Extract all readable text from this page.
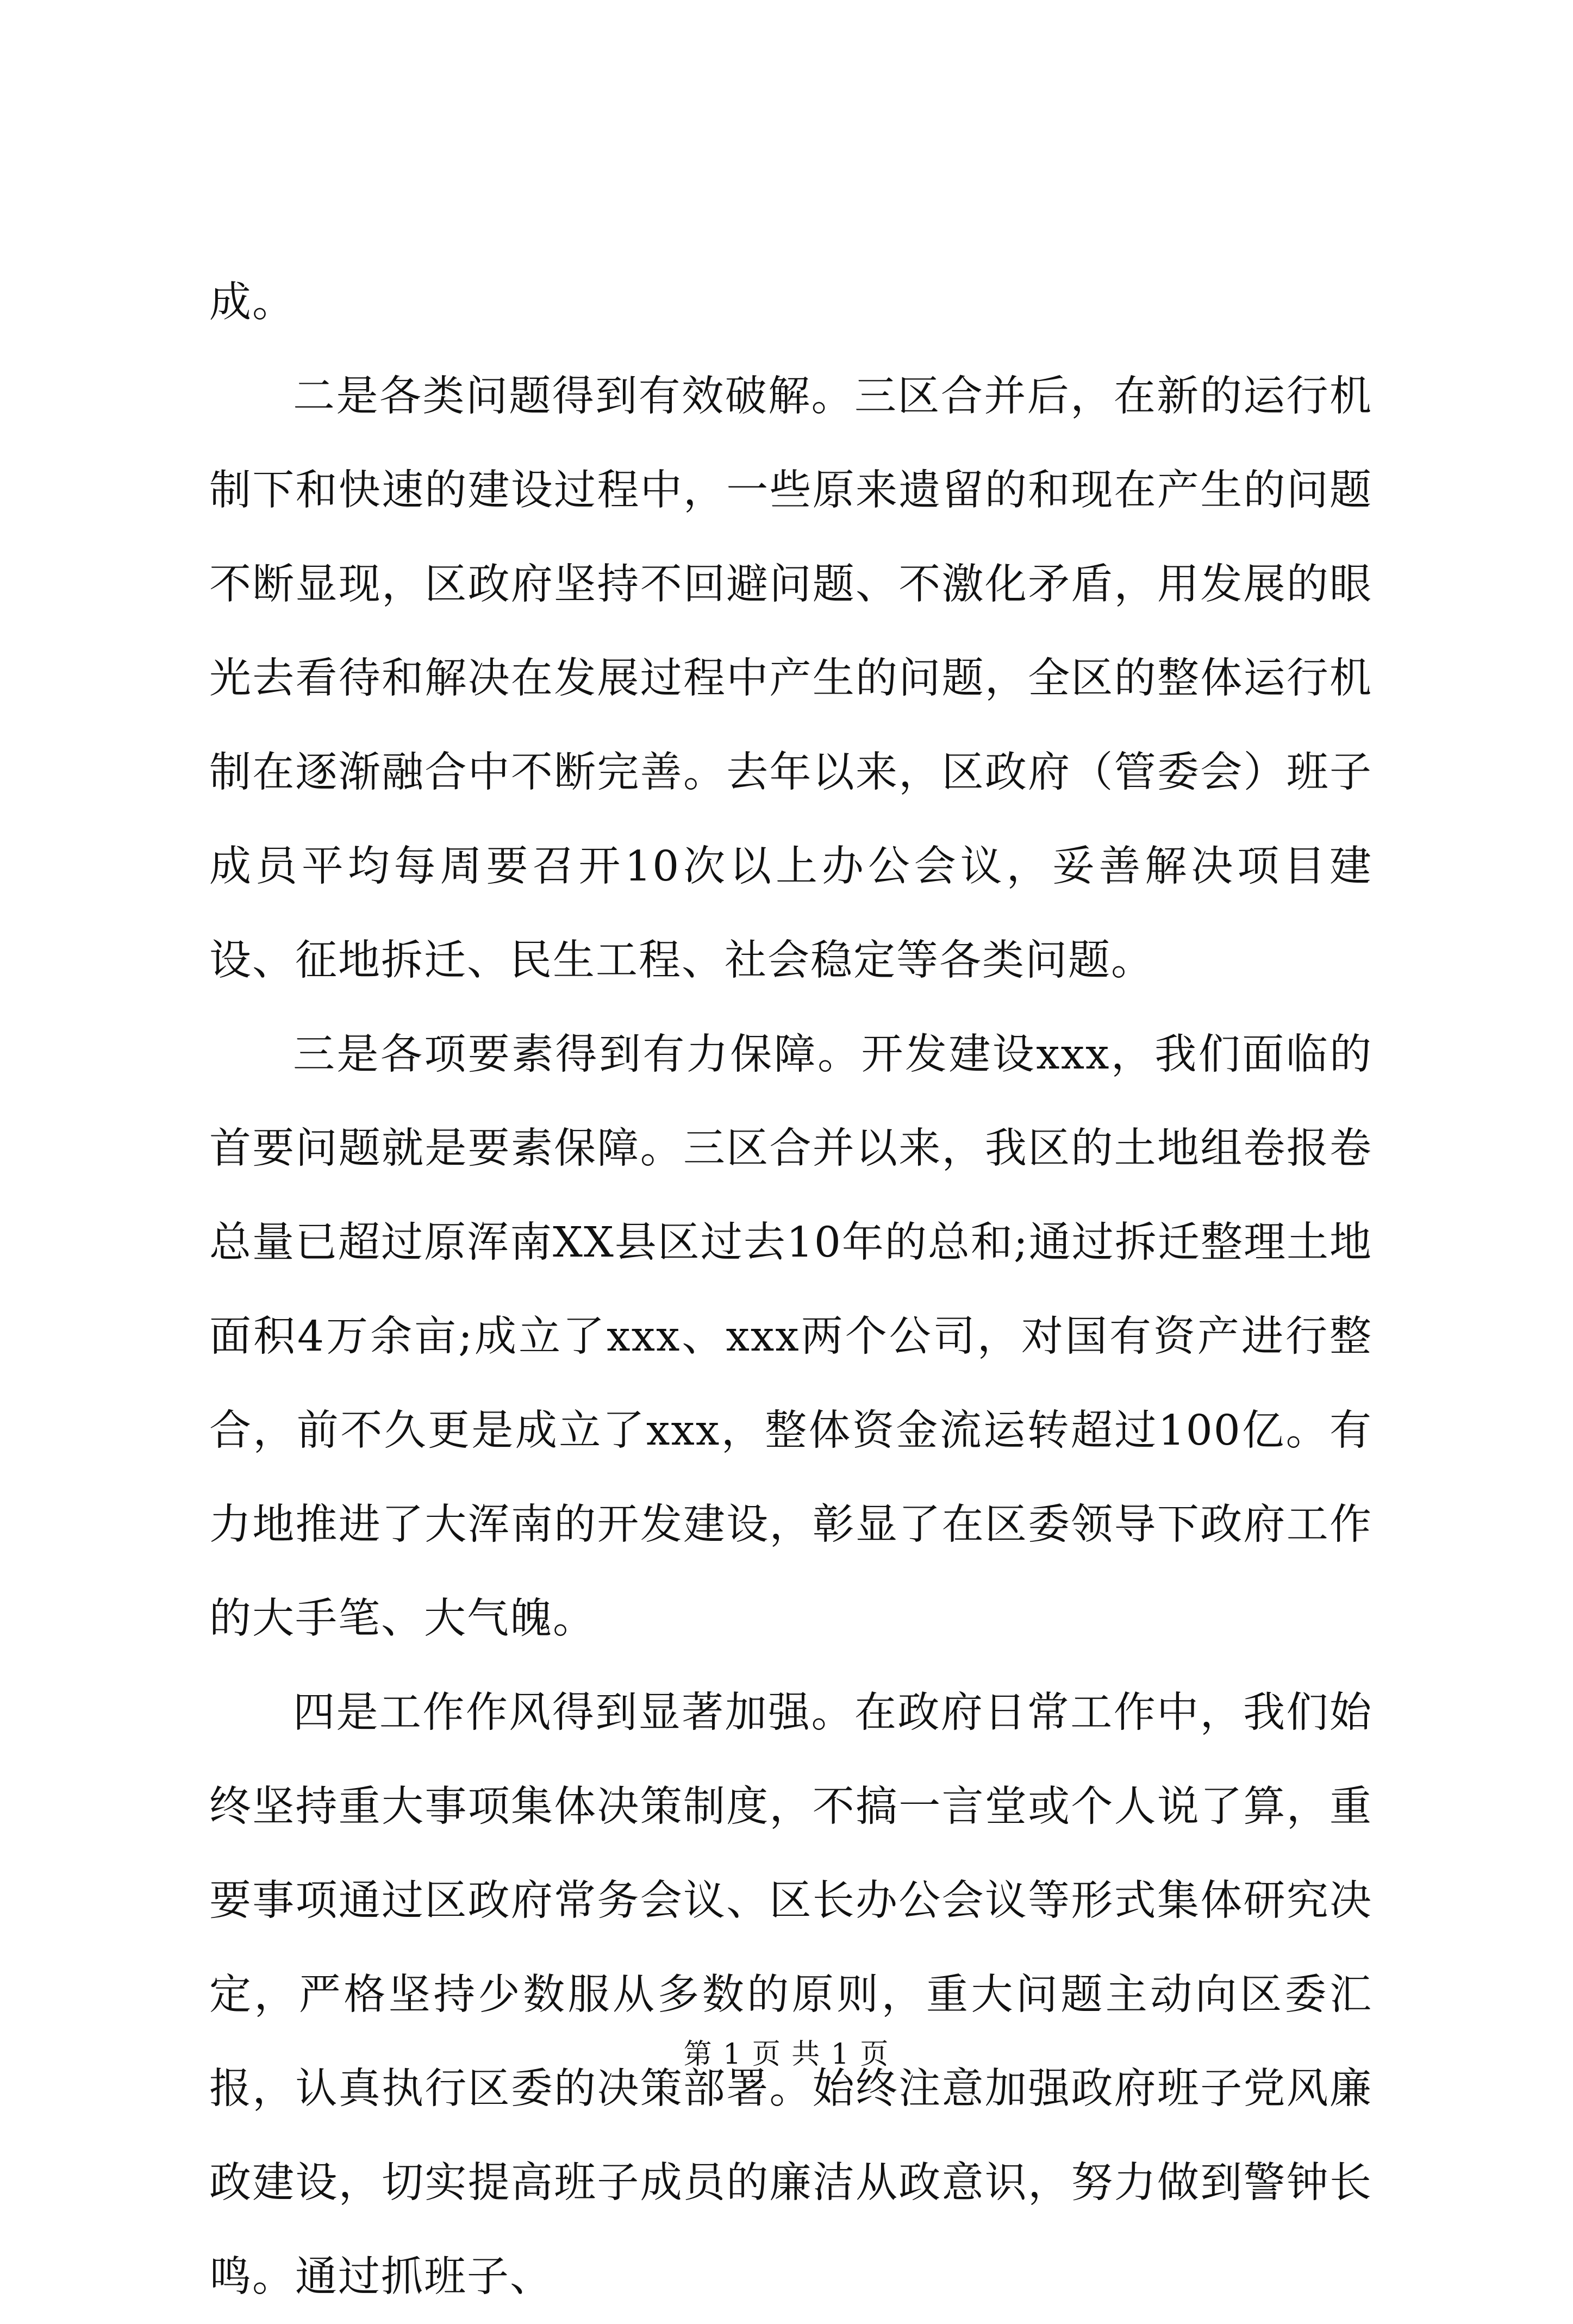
成。

二是各类问题得到有效破解。三区合并后，在新的运行机制下和快速的建设过程中，一些原来遗留的和现在产生的问题不断显现，区政府坚持不回避问题、不激化矛盾，用发展的眼光去看待和解决在发展过程中产生的问题，全区的整体运行机制在逐渐融合中不断完善。去年以来，区政府（管委会）班子成员平均每周要召开10次以上办公会议，妥善解决项目建设、征地拆迁、民生工程、社会稳定等各类问题。

三是各项要素得到有力保障。开发建设xxx，我们面临的首要问题就是要素保障。三区合并以来，我区的土地组卷报卷总量已超过原浑南XX县区过去10年的总和;通过拆迁整理土地面积4万余亩;成立了xxx、xxx两个公司，对国有资产进行整合，前不久更是成立了xxx，整体资金流运转超过100亿。有力地推进了大浑南的开发建设，彰显了在区委领导下政府工作的大手笔、大气魄。

四是工作作风得到显著加强。在政府日常工作中，我们始终坚持重大事项集体决策制度，不搞一言堂或个人说了算，重要事项通过区政府常务会议、区长办公会议等形式集体研究决定，严格坚持少数服从多数的原则，重大问题主动向区委汇报，认真执行区委的决策部署。始终注意加强政府班子党风廉政建设，切实提高班子成员的廉洁从政意识，努力做到警钟长鸣。通过抓班子、

第 1 页 共 1 页
